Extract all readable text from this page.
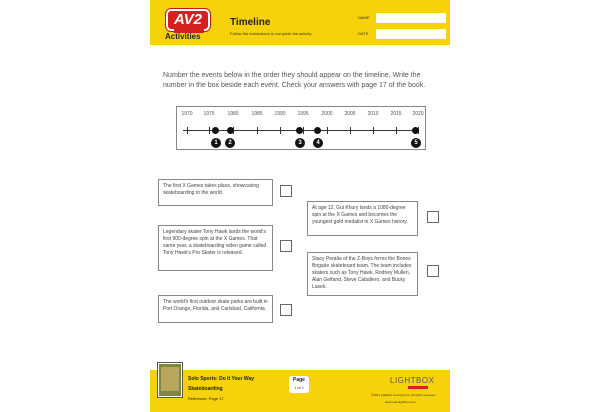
AV2
Activities
Timeline
Follow the instructions to complete the activity.
NAME
DATE
Number the events below in the order they should appear on the timeline. Write the number in the box beside each event. Check your answers with page 17 of the book.
1970	1975	1980	1985	1990	1995	2000	2005	2010	2015	2020
1	2	3	4	5
The first X Games takes place, showcasing skateboarding to the world.
Legendary skater Tony Hawk lands the world's first 900-degree spin at the X Games. That same year, a skateboarding video game called Tony Hawk's Pro Skater is released.
The world's first outdoor skate parks are built in Port Orange, Florida, and Carlsbad, California.
At age 12, Gui Khury lands a 1080-degree spin at the X Games and becomes the youngest gold medalist in X Games history.
Stacy Peralta of the Z-Boys forms the Bones Brigade skateboard team. The team includes skaters such as Tony Hawk, Rodney Mullen, Alan Gelfand, Steve Caballero, and Bucky Lasek.
Solo Sports: Do It Your Way
Skateboarding
Reference: Page 17
Page
1 of 1
LIGHTBOX
©2021 Lightbox Learning Inc. All rights reserved.
www.openlightbox.com
